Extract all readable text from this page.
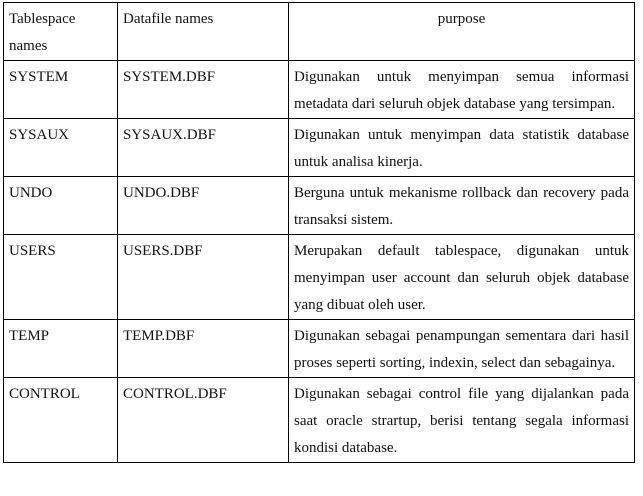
Tablespace names	Datafile names	purpose
SYSTEM	SYSTEM.DBF	Digunakan untuk menyimpan semua informasi metadata dari seluruh objek database yang tersimpan.
SYSAUX	SYSAUX.DBF	Digunakan untuk menyimpan data statistik database untuk analisa kinerja.
UNDO	UNDO.DBF	Berguna untuk mekanisme rollback dan recovery pada transaksi sistem.
USERS	USERS.DBF	Merupakan default tablespace, digunakan untuk menyimpan user account dan seluruh objek database yang dibuat oleh user.
TEMP	TEMP.DBF	Digunakan sebagai penampungan sementara dari hasil proses seperti sorting, indexin, select dan sebagainya.
CONTROL	CONTROL.DBF	Digunakan sebagai control file yang dijalankan pada saat oracle strartup, berisi tentang segala informasi kondisi database.
